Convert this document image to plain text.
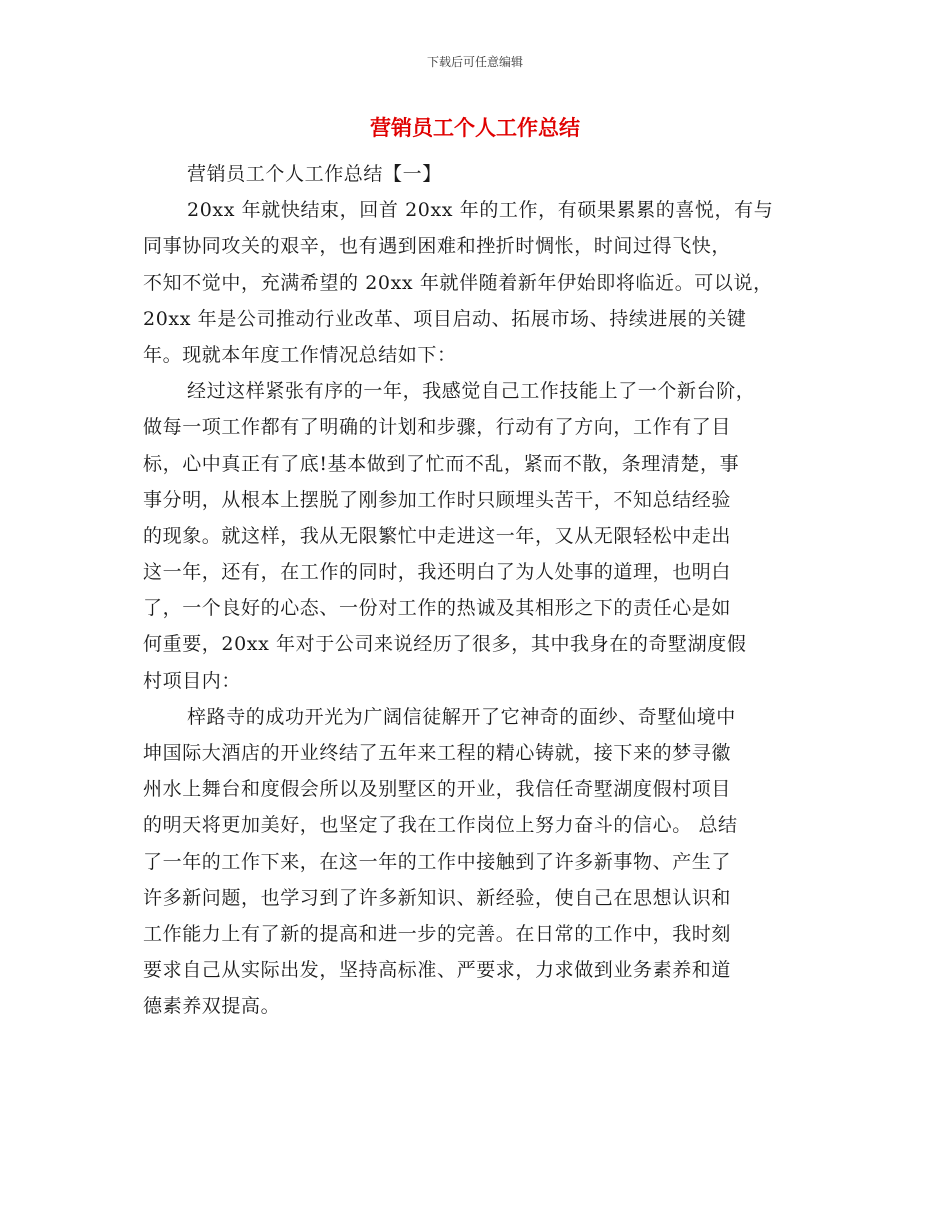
下载后可任意编辑
营销员工个人工作总结
营销员工个人工作总结【一】
20xx 年就快结束，回首 20xx 年的工作，有硕果累累的喜悦，有与
同事协同攻关的艰辛，也有遇到困难和挫折时惆怅，时间过得飞快，
不知不觉中，充满希望的 20xx 年就伴随着新年伊始即将临近。可以说，
20xx 年是公司推动行业改革、项目启动、拓展市场、持续进展的关键
年。现就本年度工作情况总结如下：
经过这样紧张有序的一年，我感觉自己工作技能上了一个新台阶，
做每一项工作都有了明确的计划和步骤，行动有了方向，工作有了目
标，心中真正有了底!基本做到了忙而不乱，紧而不散，条理清楚，事
事分明，从根本上摆脱了刚参加工作时只顾埋头苦干，不知总结经验
的现象。就这样，我从无限繁忙中走进这一年，又从无限轻松中走出
这一年，还有，在工作的同时，我还明白了为人处事的道理，也明白
了，一个良好的心态、一份对工作的热诚及其相形之下的责任心是如
何重要，20xx 年对于公司来说经历了很多，其中我身在的奇墅湖度假
村项目内：
梓路寺的成功开光为广阔信徒解开了它神奇的面纱、奇墅仙境中
坤国际大酒店的开业终结了五年来工程的精心铸就，接下来的梦寻徽
州水上舞台和度假会所以及别墅区的开业，我信任奇墅湖度假村项目
的明天将更加美好，也坚定了我在工作岗位上努力奋斗的信心。 总结
了一年的工作下来，在这一年的工作中接触到了许多新事物、产生了
许多新问题，也学习到了许多新知识、新经验，使自己在思想认识和
工作能力上有了新的提高和进一步的完善。在日常的工作中，我时刻
要求自己从实际出发，坚持高标准、严要求，力求做到业务素养和道
德素养双提高。
